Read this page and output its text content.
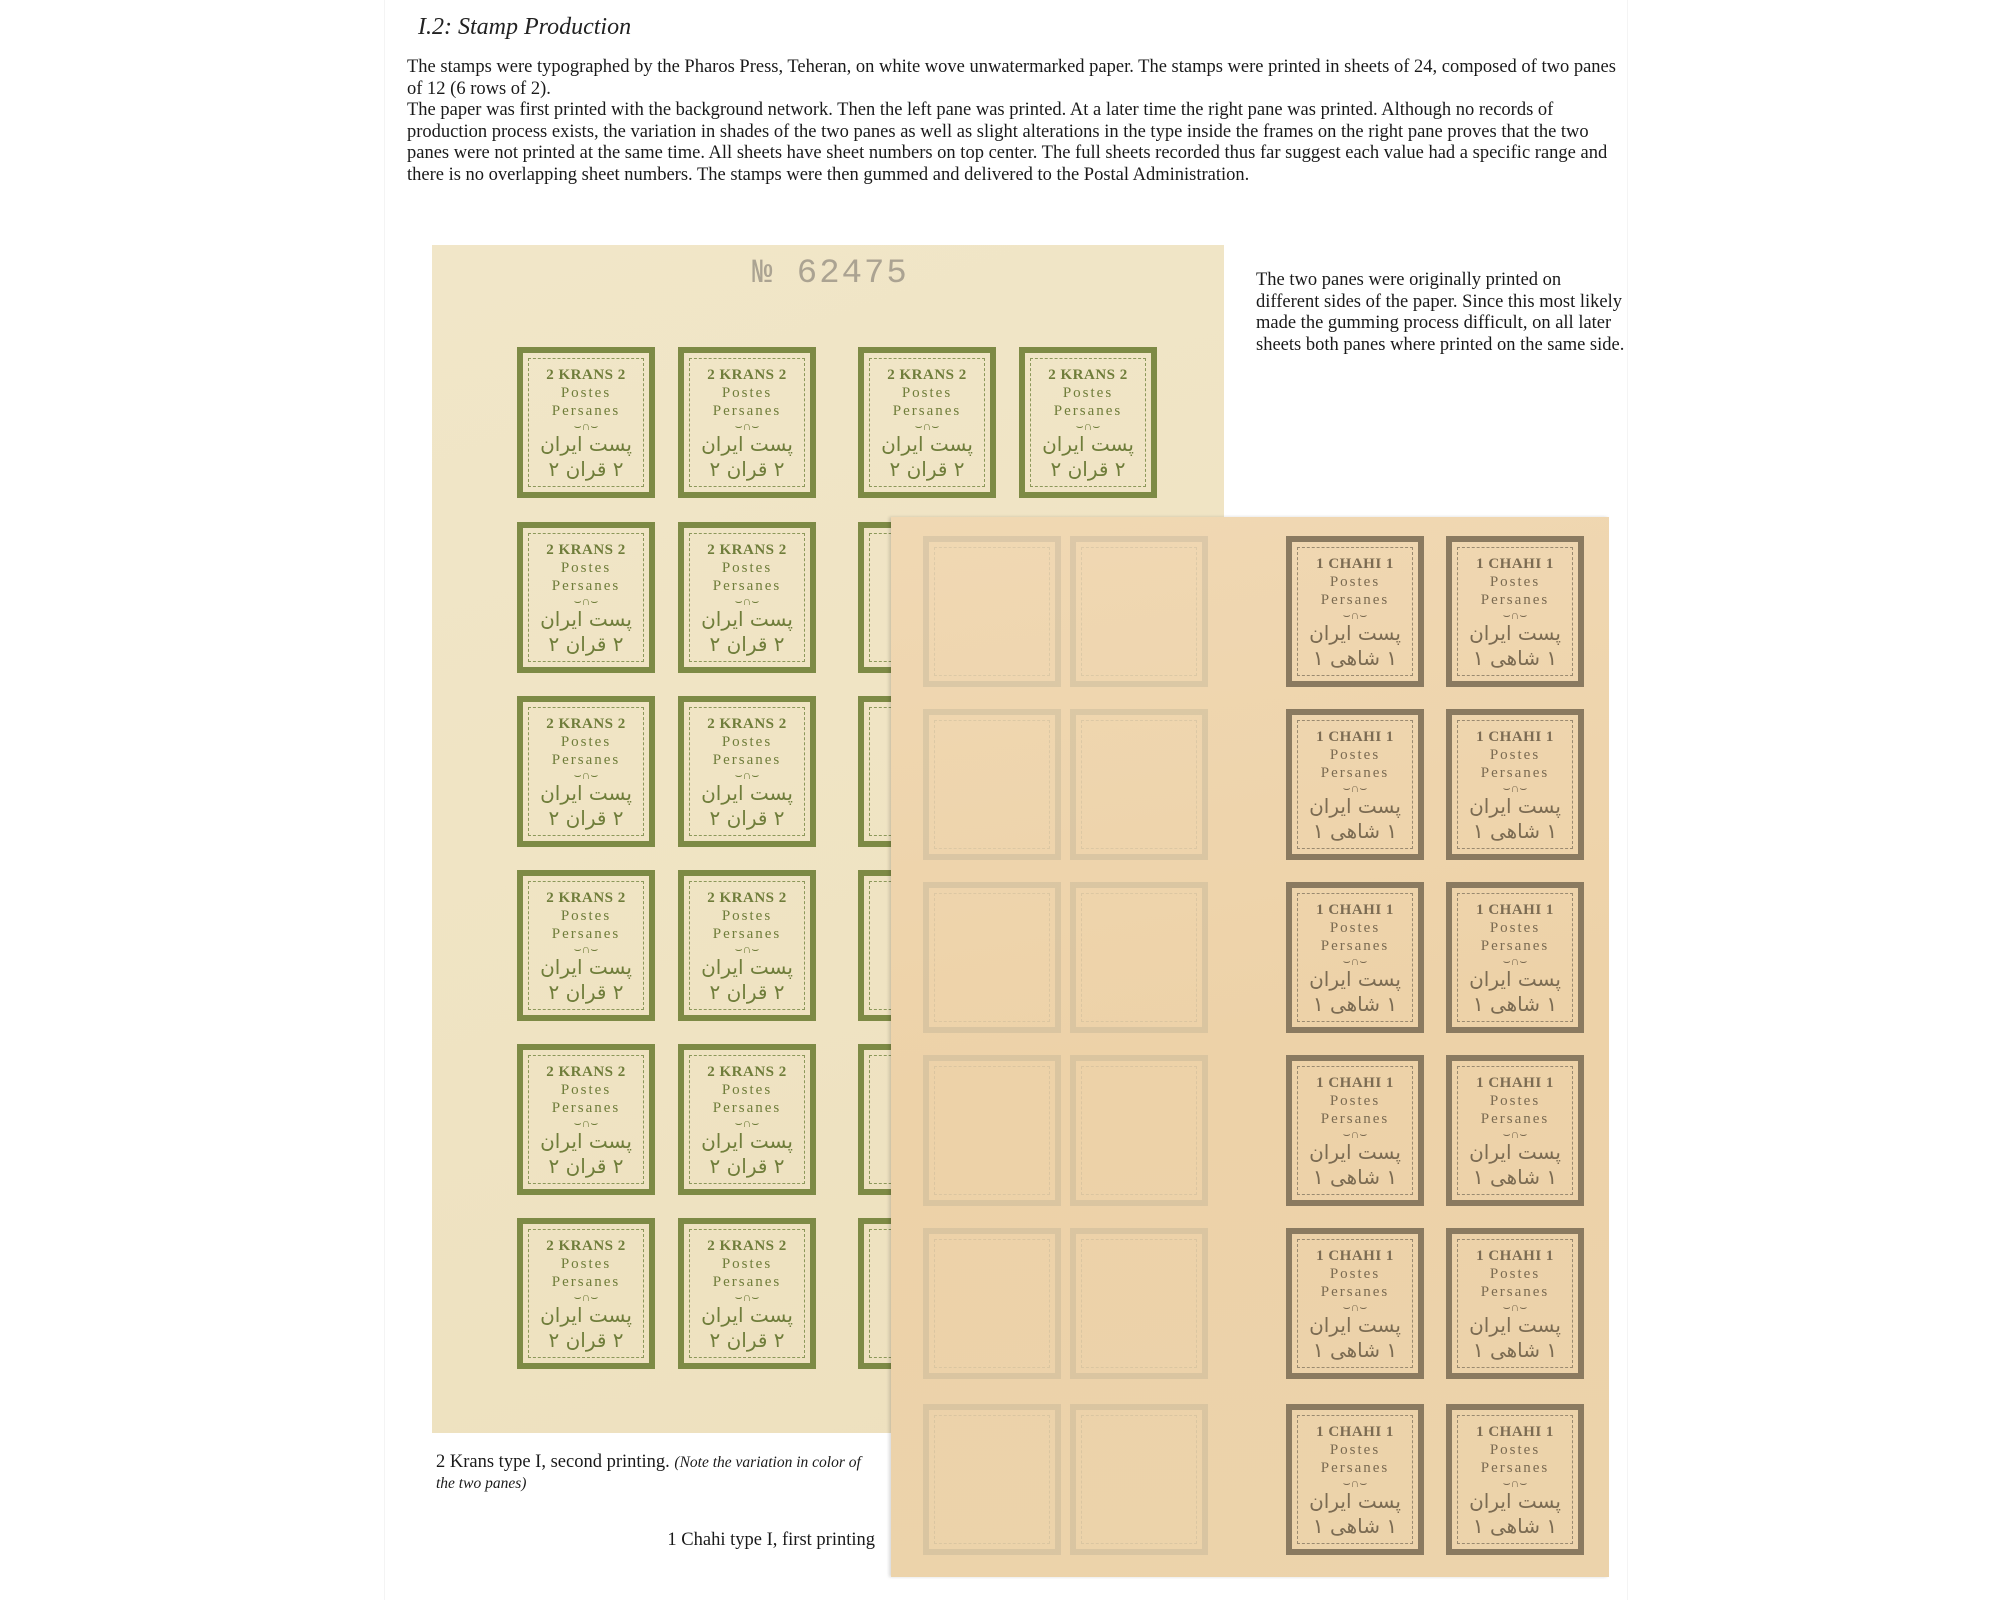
I.2: Stamp Production

The stamps were typographed by the Pharos Press, Teheran, on white wove unwatermarked paper. The stamps were printed in sheets of 24, composed of two panes of 12 (6 rows of 2).

The paper was first printed with the background network. Then the left pane was printed. At a later time the right pane was printed. Although no records of production process exists, the variation in shades of the two panes as well as slight alterations in the type inside the frames on the right pane proves that the two panes were not printed at the same time. All sheets have sheet numbers on top center. The full sheets recorded thus far suggest each value had a specific range and there is no overlapping sheet numbers. The stamps were then gummed and delivered to the Postal Administration.

№ 62475
2 KRANS 2
Postes
Persanes
⌣∩⌣
پست ایران
۲ قران ۲
2 KRANS 2
Postes
Persanes
⌣∩⌣
پست ایران
۲ قران ۲
2 KRANS 2
Postes
Persanes
⌣∩⌣
پست ایران
۲ قران ۲
2 KRANS 2
Postes
Persanes
⌣∩⌣
پست ایران
۲ قران ۲
2 KRANS 2
Postes
Persanes
⌣∩⌣
پست ایران
۲ قران ۲
2 KRANS 2
Postes
Persanes
⌣∩⌣
پست ایران
۲ قران ۲
2 KRANS 2
Postes
Persanes
⌣∩⌣
پست ایران
۲ قران ۲
2 KRANS 2
Postes
Persanes
⌣∩⌣
پست ایران
۲ قران ۲
2 KRANS 2
Postes
Persanes
⌣∩⌣
پست ایران
۲ قران ۲
2 KRANS 2
Postes
Persanes
⌣∩⌣
پست ایران
۲ قران ۲
2 KRANS 2
Postes
Persanes
⌣∩⌣
پست ایران
۲ قران ۲
2 KRANS 2
Postes
Persanes
⌣∩⌣
پست ایران
۲ قران ۲
2 KRANS 2
Postes
Persanes
⌣∩⌣
پست ایران
۲ قران ۲
2 KRANS 2
Postes
Persanes
⌣∩⌣
پست ایران
۲ قران ۲
1 CHAHI 1
Postes
Persanes
⌣∩⌣
پست ایران
۱ شاهی ۱
1 CHAHI 1
Postes
Persanes
⌣∩⌣
پست ایران
۱ شاهی ۱
1 CHAHI 1
Postes
Persanes
⌣∩⌣
پست ایران
۱ شاهی ۱
1 CHAHI 1
Postes
Persanes
⌣∩⌣
پست ایران
۱ شاهی ۱
1 CHAHI 1
Postes
Persanes
⌣∩⌣
پست ایران
۱ شاهی ۱
1 CHAHI 1
Postes
Persanes
⌣∩⌣
پست ایران
۱ شاهی ۱
1 CHAHI 1
Postes
Persanes
⌣∩⌣
پست ایران
۱ شاهی ۱
1 CHAHI 1
Postes
Persanes
⌣∩⌣
پست ایران
۱ شاهی ۱
1 CHAHI 1
Postes
Persanes
⌣∩⌣
پست ایران
۱ شاهی ۱
1 CHAHI 1
Postes
Persanes
⌣∩⌣
پست ایران
۱ شاهی ۱
1 CHAHI 1
Postes
Persanes
⌣∩⌣
پست ایران
۱ شاهی ۱
1 CHAHI 1
Postes
Persanes
⌣∩⌣
پست ایران
۱ شاهی ۱
The two panes were originally printed on different sides of the paper. Since this most likely made the gumming process difficult, on all later sheets both panes where printed on the same side.
2 Krans type I, second printing. (Note the variation in color of the two panes)
1 Chahi type I, first printing
